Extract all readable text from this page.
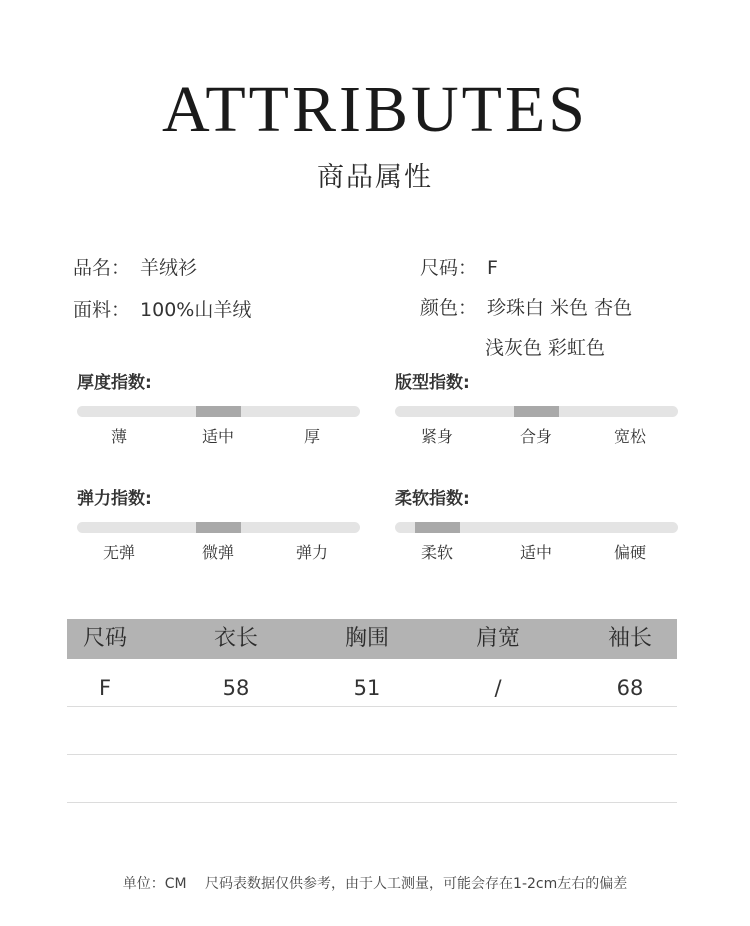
ATTRIBUTES
商品属性
品名： 羊绒衫
面料： 100%山羊绒
尺码： F
颜色： 珍珠白 米色 杏色
浅灰色 彩虹色
厚度指数:
薄	适中	厚
版型指数:
紧身	合身	宽松
弹力指数:
无弹	微弹	弹力
柔软指数:
柔软	适中	偏硬
尺码	衣长	胸围	肩宽	袖长
F	58	51	/	68
单位：CM　 尺码表数据仅供参考，由于人工测量，可能会存在1-2cm左右的偏差
